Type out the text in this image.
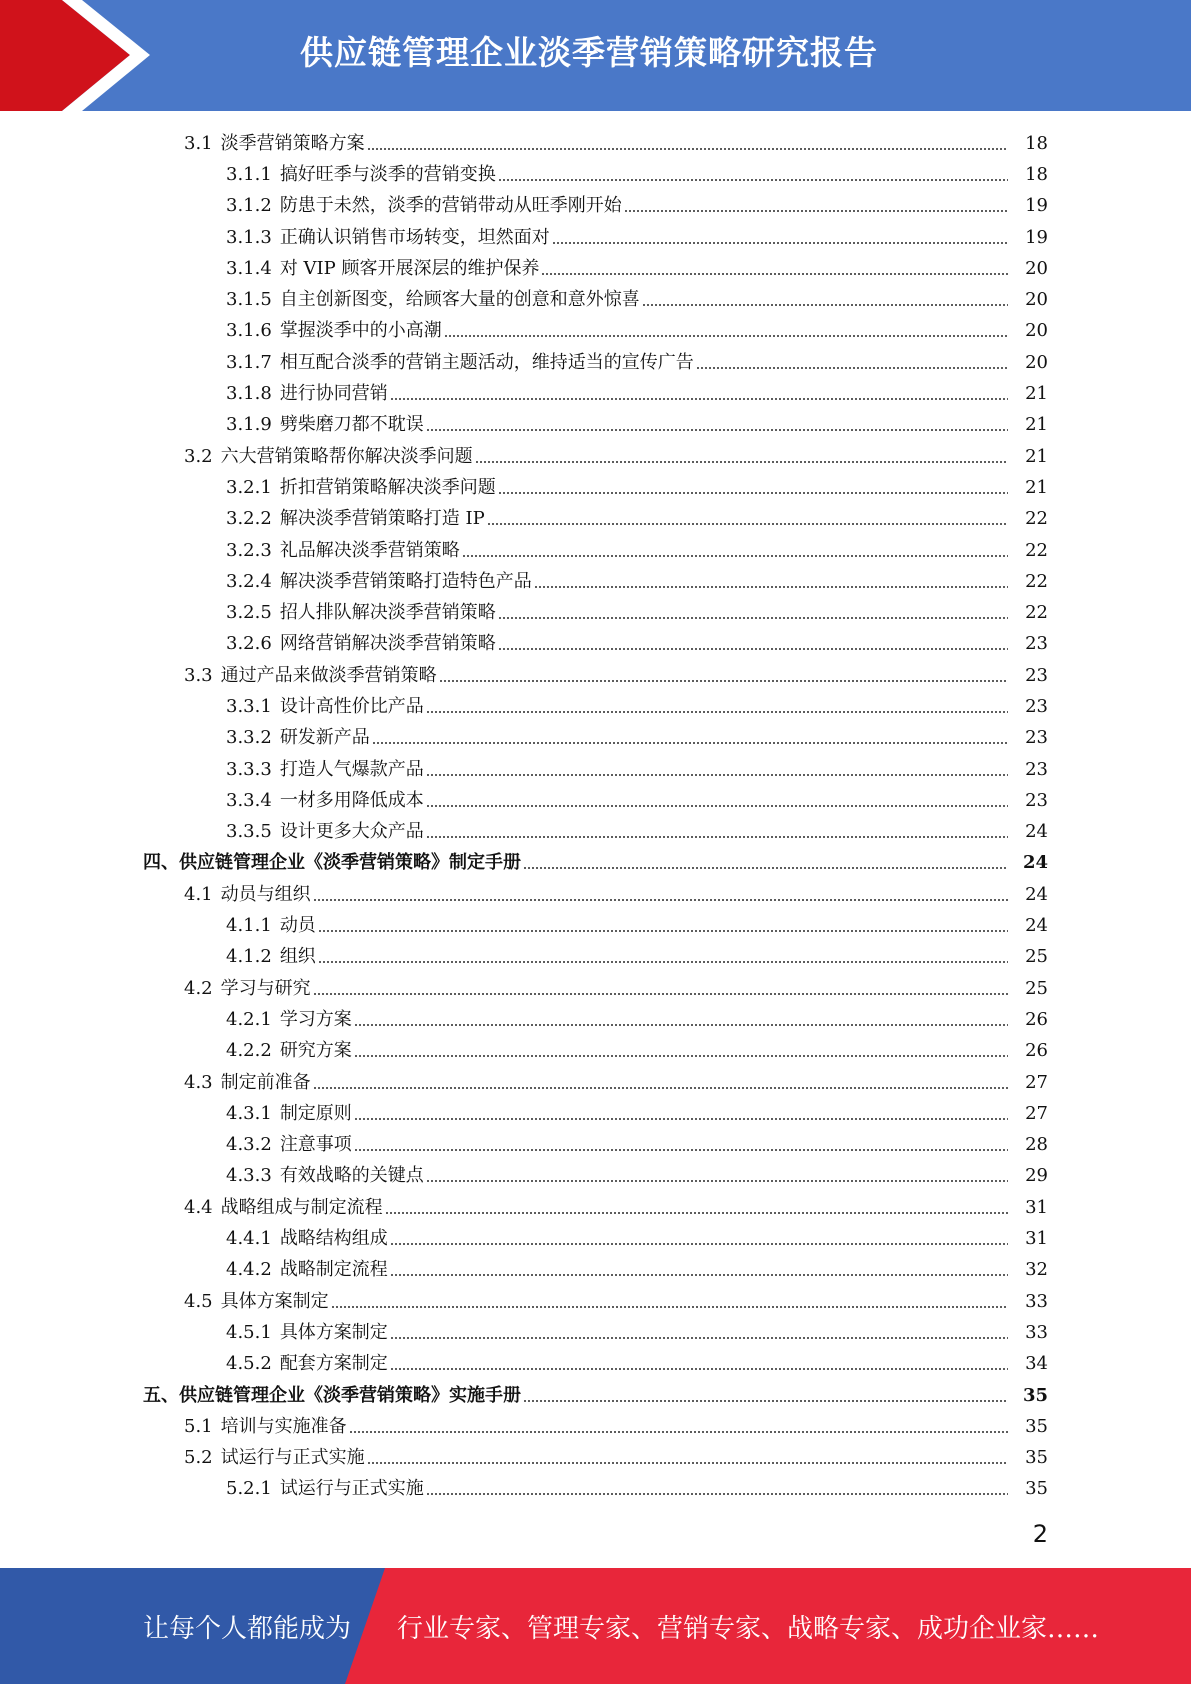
供应链管理企业淡季营销策略研究报告
3.1 淡季营销策略方案	18
3.1.1 搞好旺季与淡季的营销变换	18
3.1.2 防患于未然，淡季的营销带动从旺季刚开始	19
3.1.3 正确认识销售市场转变，坦然面对	19
3.1.4 对 VIP 顾客开展深层的维护保养	20
3.1.5 自主创新图变，给顾客大量的创意和意外惊喜	20
3.1.6 掌握淡季中的小高潮	20
3.1.7 相互配合淡季的营销主题活动，维持适当的宣传广告	20
3.1.8 进行协同营销	21
3.1.9 劈柴磨刀都不耽误	21
3.2 六大营销策略帮你解决淡季问题	21
3.2.1 折扣营销策略解决淡季问题	21
3.2.2 解决淡季营销策略打造 IP	22
3.2.3 礼品解决淡季营销策略	22
3.2.4 解决淡季营销策略打造特色产品	22
3.2.5 招人排队解决淡季营销策略	22
3.2.6 网络营销解决淡季营销策略	23
3.3 通过产品来做淡季营销策略	23
3.3.1 设计高性价比产品	23
3.3.2 研发新产品	23
3.3.3 打造人气爆款产品	23
3.3.4 一材多用降低成本	23
3.3.5 设计更多大众产品	24
四、 供应链管理企业《淡季营销策略》制定手册	24
4.1 动员与组织	24
4.1.1 动员	24
4.1.2 组织	25
4.2 学习与研究	25
4.2.1 学习方案	26
4.2.2 研究方案	26
4.3 制定前准备	27
4.3.1 制定原则	27
4.3.2 注意事项	28
4.3.3 有效战略的关键点	29
4.4 战略组成与制定流程	31
4.4.1 战略结构组成	31
4.4.2 战略制定流程	32
4.5 具体方案制定	33
4.5.1 具体方案制定	33
4.5.2 配套方案制定	34
五、 供应链管理企业《淡季营销策略》实施手册	35
5.1 培训与实施准备	35
5.2 试运行与正式实施	35
5.2.1 试运行与正式实施	35
2
让每个人都能成为 行业专家、管理专家、营销专家、战略专家、成功企业家……
